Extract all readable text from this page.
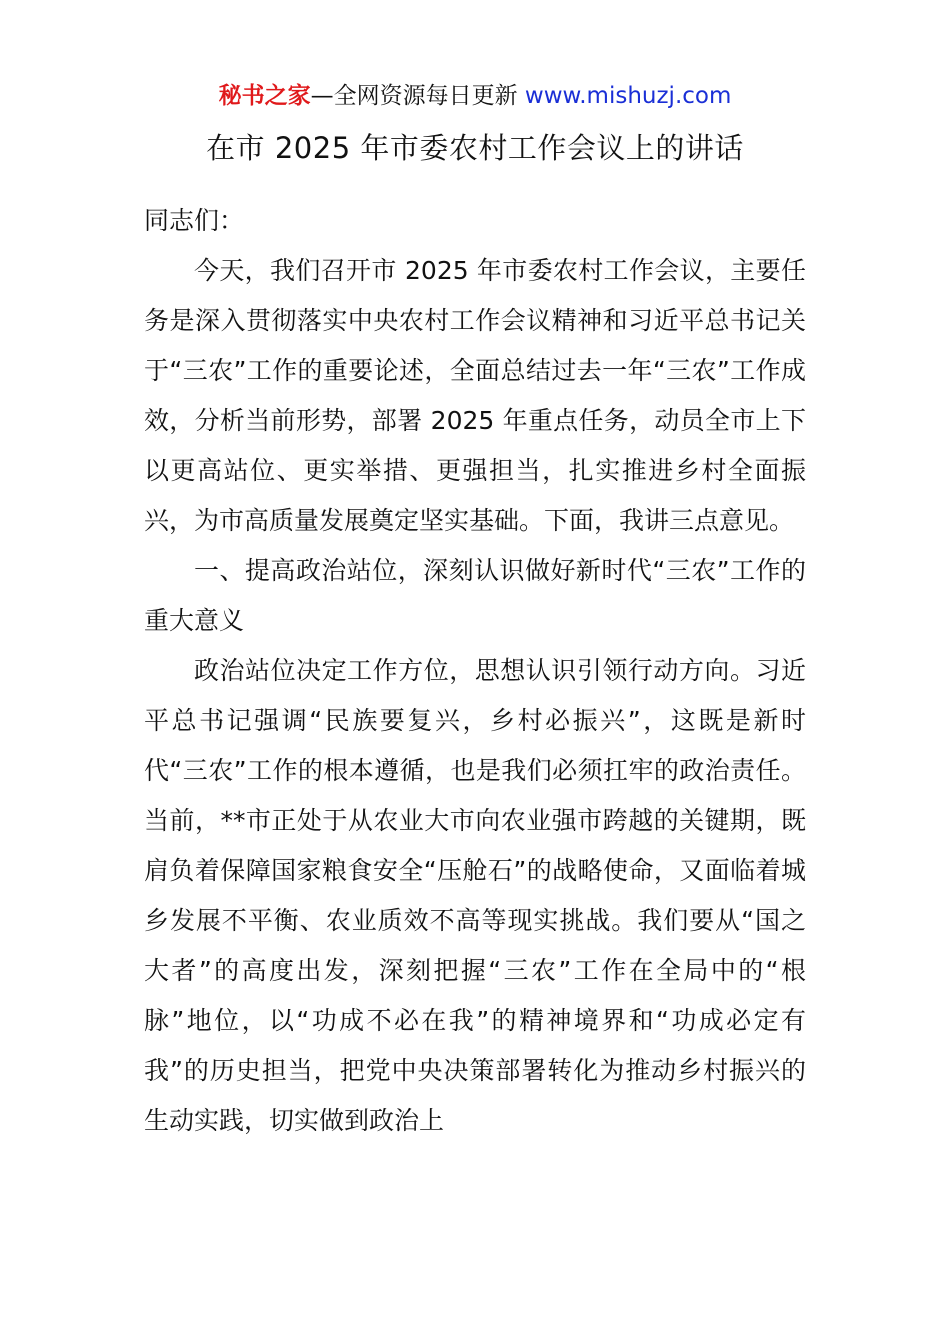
秘书之家—全网资源每日更新 www.mishuzj.com
在市 2025 年市委农村工作会议上的讲话

同志们：

今天，我们召开市 2025 年市委农村工作会议，主要任务是深入贯彻落实中央农村工作会议精神和习近平总书记关于“三农”工作的重要论述，全面总结过去一年“三农”工作成效，分析当前形势，部署 2025 年重点任务，动员全市上下以更高站位、更实举措、更强担当，扎实推进乡村全面振兴，为市高质量发展奠定坚实基础。下面，我讲三点意见。

一、提高政治站位，深刻认识做好新时代“三农”工作的重大意义

政治站位决定工作方位，思想认识引领行动方向。习近平总书记强调“民族要复兴，乡村必振兴”，这既是新时代“三农”工作的根本遵循，也是我们必须扛牢的政治责任。当前，**市正处于从农业大市向农业强市跨越的关键期，既肩负着保障国家粮食安全“压舱石”的战略使命，又面临着城乡发展不平衡、农业质效不高等现实挑战。我们要从“国之大者”的高度出发，深刻把握“三农”工作在全局中的“根脉”地位，以“功成不必在我”的精神境界和“功成必定有我”的历史担当，把党中央决策部署转化为推动乡村振兴的生动实践，切实做到政治上
